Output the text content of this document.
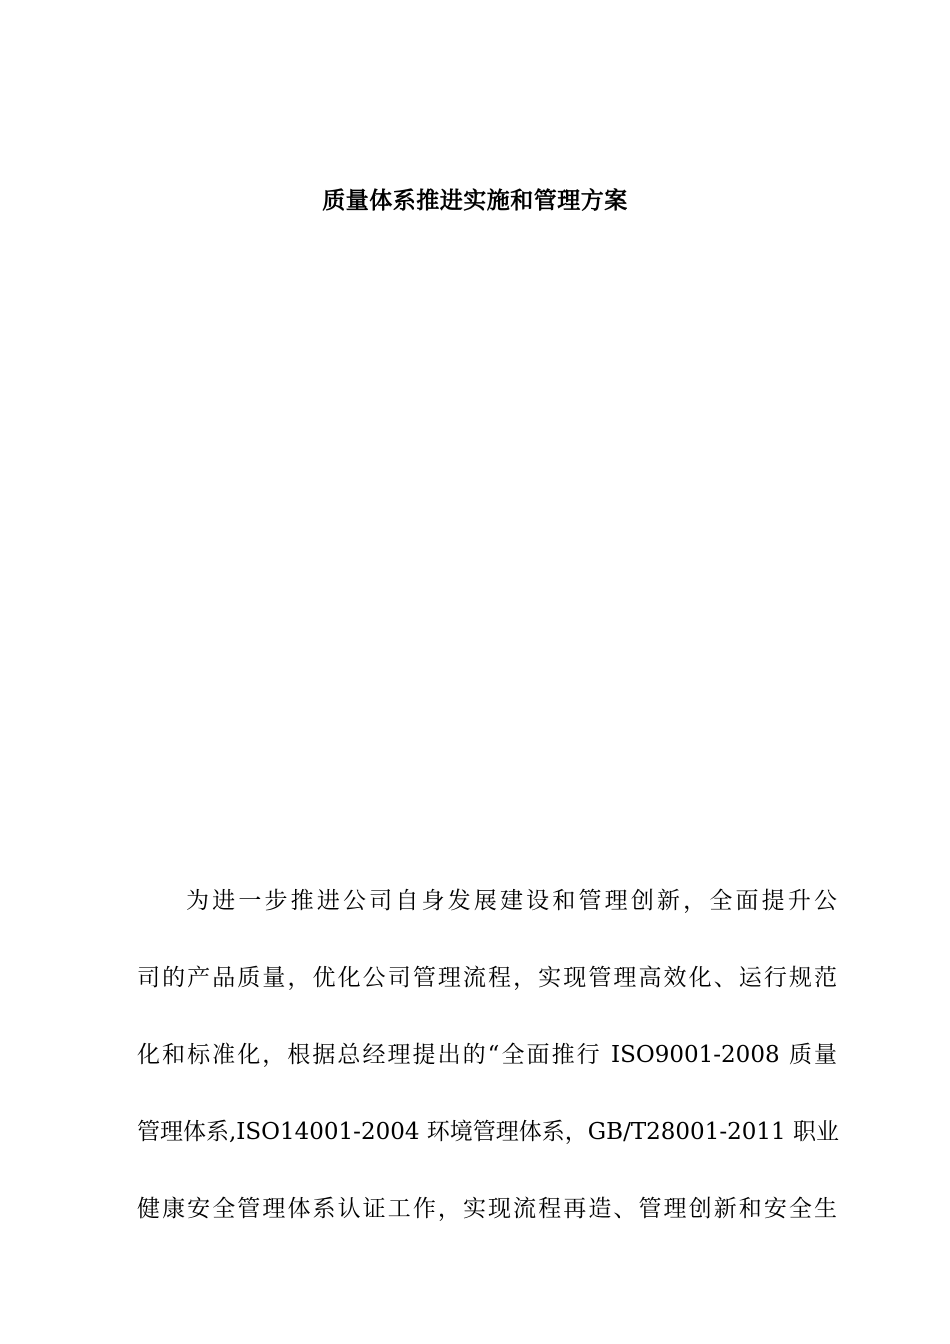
质量体系推进实施和管理方案
为进一步推进公司自身发展建设和管理创新，全面提升公
司的产品质量，优化公司管理流程，实现管理高效化、运行规范
化和标准化，根据总经理提出的“全面推行 ISO9001-2008 质量
管理体系,ISO14001-2004 环境管理体系，GB/T28001-2011 职业
健康安全管理体系认证工作，实现流程再造、管理创新和安全生
